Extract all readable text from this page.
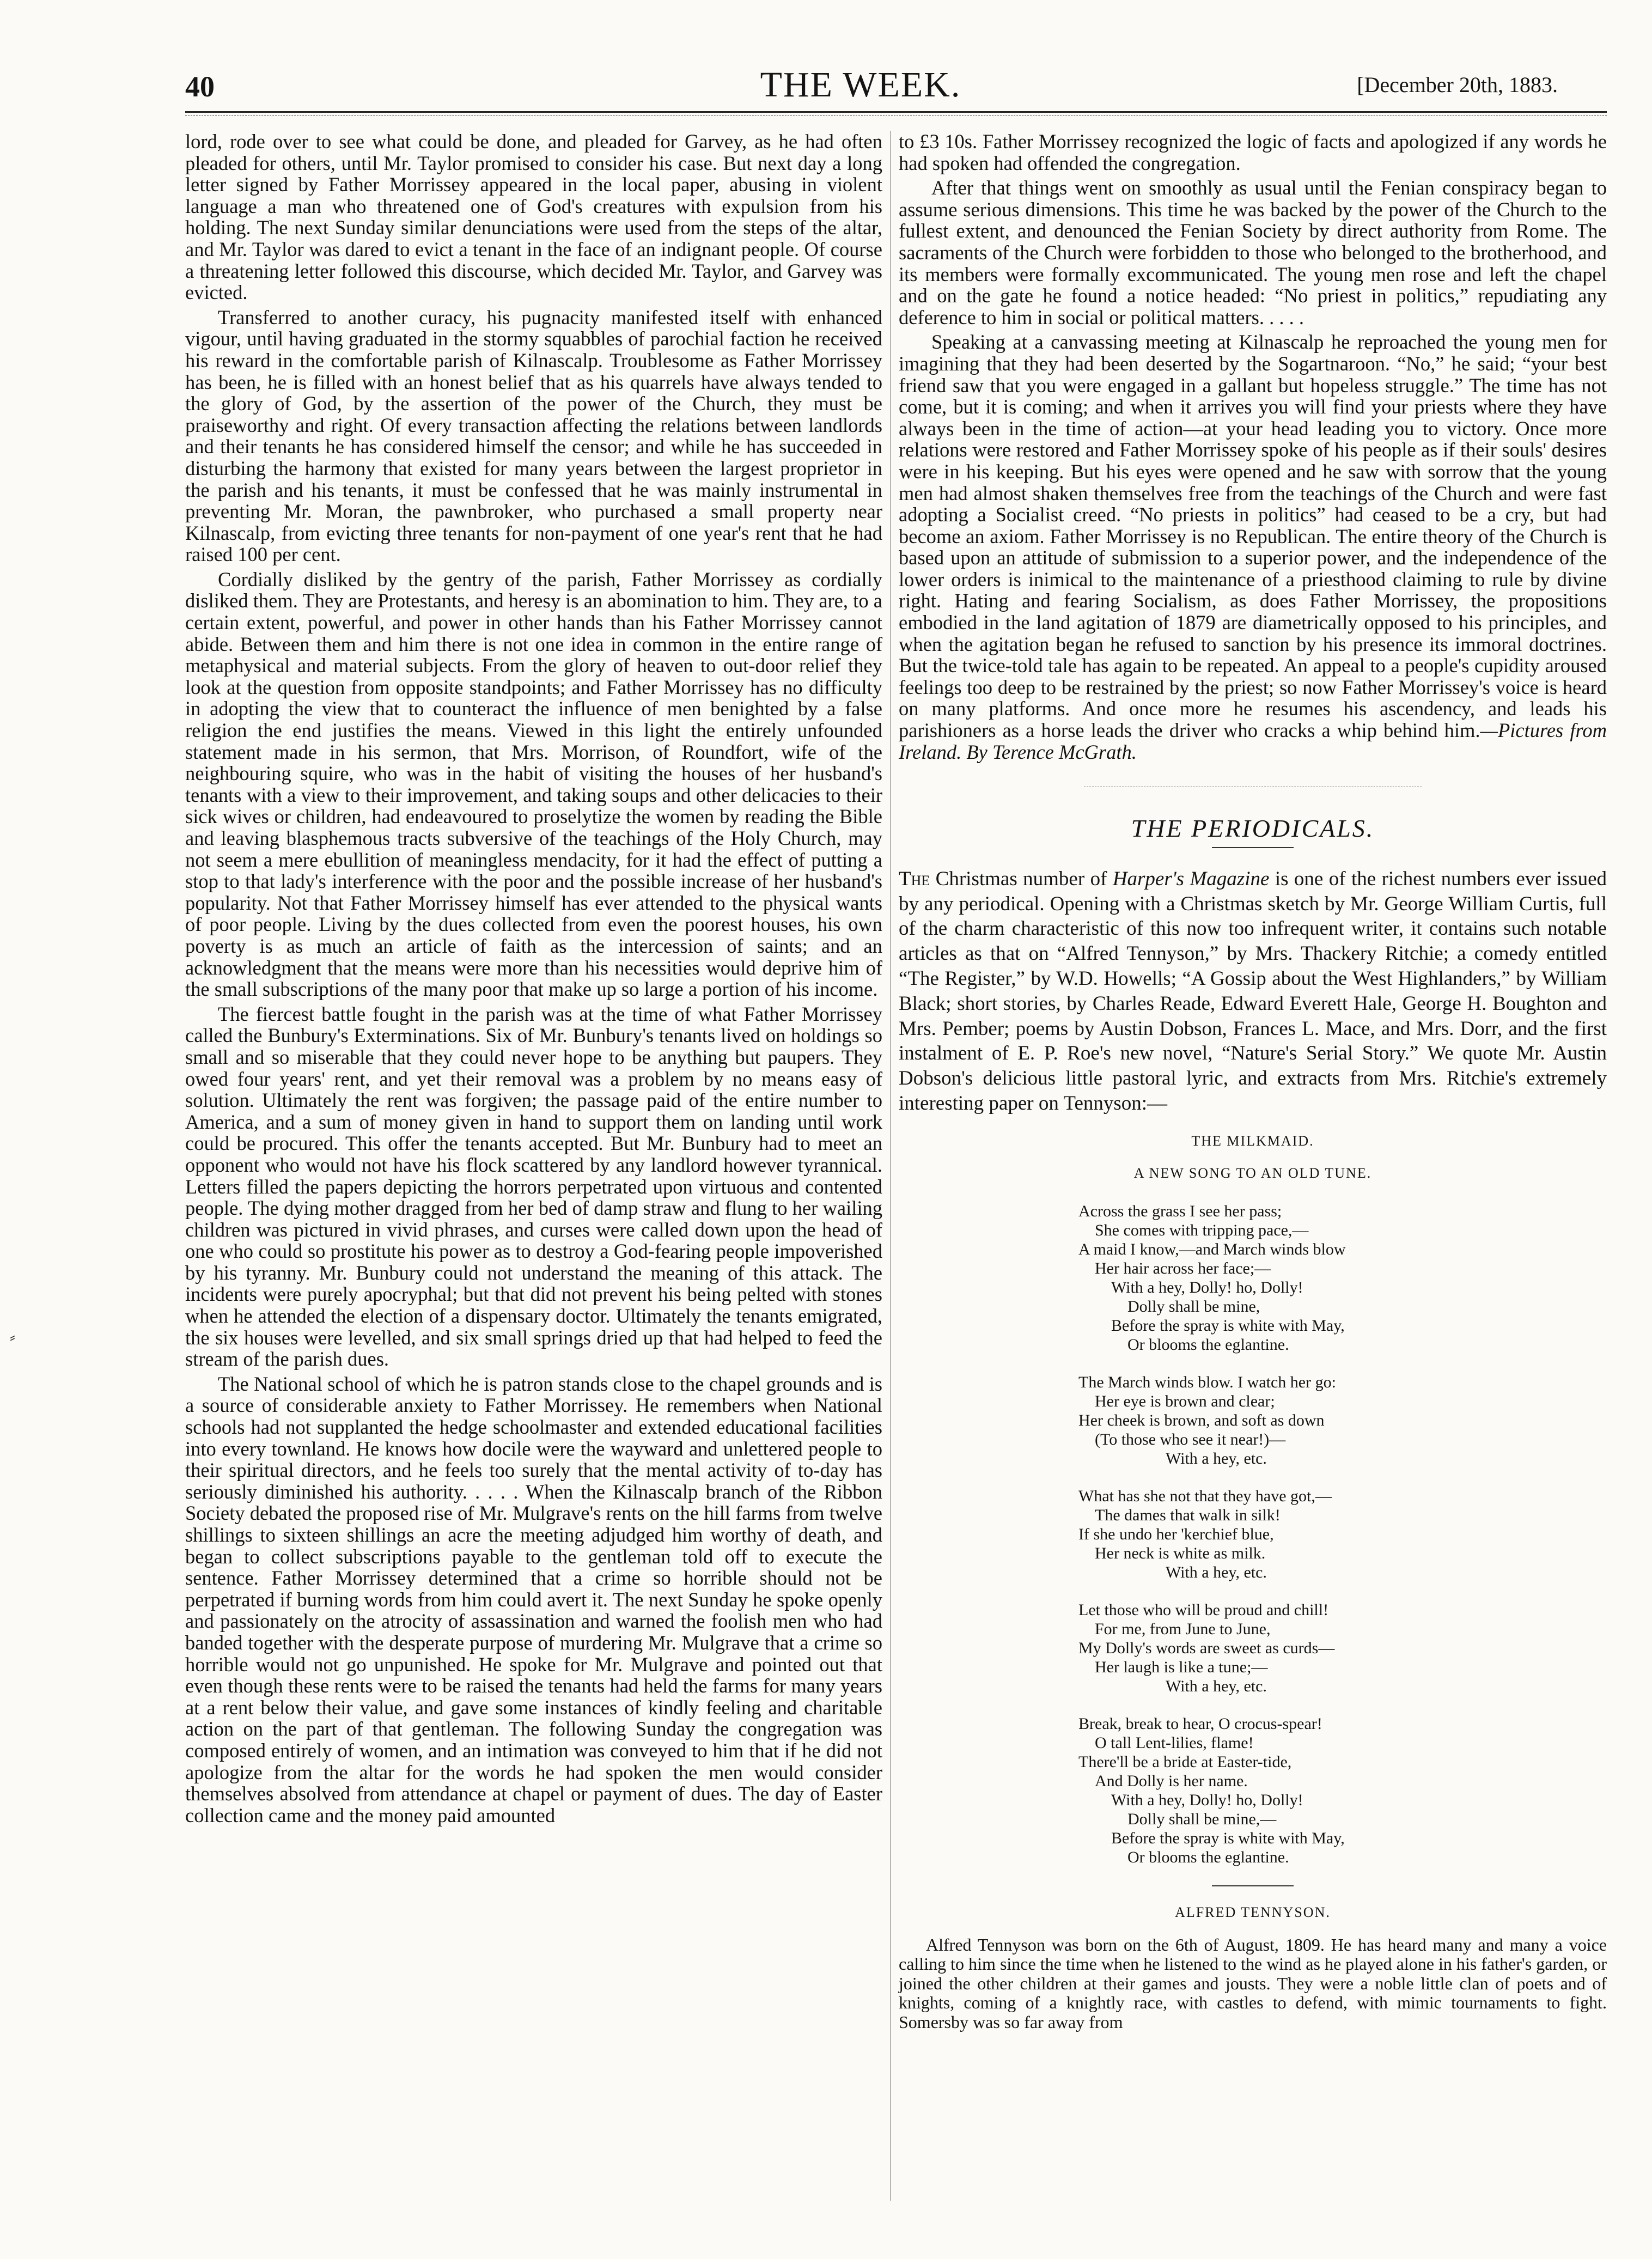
40	THE WEEK.	[December 20th, 1883.
⸗

lord, rode over to see what could be done, and pleaded for Garvey, as he had often pleaded for others, until Mr. Taylor promised to consider his case. But next day a long letter signed by Father Morrissey appeared in the local paper, abusing in violent language a man who threatened one of God's creatures with expulsion from his holding. The next Sunday similar denunciations were used from the steps of the altar, and Mr. Taylor was dared to evict a tenant in the face of an indignant people. Of course a threatening letter followed this discourse, which decided Mr. Taylor, and Garvey was evicted.

Transferred to another curacy, his pugnacity manifested itself with enhanced vigour, until having graduated in the stormy squabbles of parochial faction he received his reward in the comfortable parish of Kilnascalp. Troublesome as Father Morrissey has been, he is filled with an honest belief that as his quarrels have always tended to the glory of God, by the assertion of the power of the Church, they must be praiseworthy and right. Of every transaction affecting the relations between landlords and their tenants he has considered himself the censor; and while he has succeeded in disturbing the harmony that existed for many years between the largest proprietor in the parish and his tenants, it must be confessed that he was mainly instrumental in preventing Mr. Moran, the pawnbroker, who purchased a small property near Kilnascalp, from evicting three tenants for non-payment of one year's rent that he had raised 100 per cent.

Cordially disliked by the gentry of the parish, Father Morrissey as cordially disliked them. They are Protestants, and heresy is an abomination to him. They are, to a certain extent, powerful, and power in other hands than his Father Morrissey cannot abide. Between them and him there is not one idea in common in the entire range of metaphysical and material subjects. From the glory of heaven to out-door relief they look at the question from opposite standpoints; and Father Morrissey has no difficulty in adopting the view that to counteract the influence of men benighted by a false religion the end justifies the means. Viewed in this light the entirely unfounded statement made in his sermon, that Mrs. Morrison, of Roundfort, wife of the neighbouring squire, who was in the habit of visiting the houses of her husband's tenants with a view to their improvement, and taking soups and other delicacies to their sick wives or children, had endeavoured to proselytize the women by reading the Bible and leaving blasphemous tracts subversive of the teachings of the Holy Church, may not seem a mere ebullition of meaningless mendacity, for it had the effect of putting a stop to that lady's interference with the poor and the possible increase of her husband's popularity. Not that Father Morrissey himself has ever attended to the physical wants of poor people. Living by the dues collected from even the poorest houses, his own poverty is as much an article of faith as the intercession of saints; and an acknowledgment that the means were more than his necessities would deprive him of the small subscriptions of the many poor that make up so large a portion of his income.

The fiercest battle fought in the parish was at the time of what Father Morrissey called the Bunbury's Exterminations. Six of Mr. Bunbury's tenants lived on holdings so small and so miserable that they could never hope to be anything but paupers. They owed four years' rent, and yet their removal was a problem by no means easy of solution. Ultimately the rent was forgiven; the passage paid of the entire number to America, and a sum of money given in hand to support them on landing until work could be procured. This offer the tenants accepted. But Mr. Bunbury had to meet an opponent who would not have his flock scattered by any landlord however tyrannical. Letters filled the papers depicting the horrors perpetrated upon virtuous and contented people. The dying mother dragged from her bed of damp straw and flung to her wailing children was pictured in vivid phrases, and curses were called down upon the head of one who could so prostitute his power as to destroy a God-fearing people impoverished by his tyranny. Mr. Bunbury could not understand the meaning of this attack. The incidents were purely apocryphal; but that did not prevent his being pelted with stones when he attended the election of a dispensary doctor. Ultimately the tenants emigrated, the six houses were levelled, and six small springs dried up that had helped to feed the stream of the parish dues.

The National school of which he is patron stands close to the chapel grounds and is a source of considerable anxiety to Father Morrissey. He remembers when National schools had not supplanted the hedge schoolmaster and extended educational facilities into every townland. He knows how docile were the wayward and unlettered people to their spiritual directors, and he feels too surely that the mental activity of to-day has seriously diminished his authority. . . . . When the Kilnascalp branch of the Ribbon Society debated the proposed rise of Mr. Mulgrave's rents on the hill farms from twelve shillings to sixteen shillings an acre the meeting adjudged him worthy of death, and began to collect subscriptions payable to the gentleman told off to execute the sentence. Father Morrissey determined that a crime so horrible should not be perpetrated if burning words from him could avert it. The next Sunday he spoke openly and passionately on the atrocity of assassination and warned the foolish men who had banded together with the desperate purpose of murdering Mr. Mulgrave that a crime so horrible would not go unpunished. He spoke for Mr. Mulgrave and pointed out that even though these rents were to be raised the tenants had held the farms for many years at a rent below their value, and gave some instances of kindly feeling and charitable action on the part of that gentleman. The following Sunday the congregation was composed entirely of women, and an intimation was conveyed to him that if he did not apologize from the altar for the words he had spoken the men would consider themselves absolved from attendance at chapel or payment of dues. The day of Easter collection came and the money paid amounted

to £3 10s. Father Morrissey recognized the logic of facts and apologized if any words he had spoken had offended the congregation.

After that things went on smoothly as usual until the Fenian conspiracy began to assume serious dimensions. This time he was backed by the power of the Church to the fullest extent, and denounced the Fenian Society by direct authority from Rome. The sacraments of the Church were forbidden to those who belonged to the brotherhood, and its members were formally excommunicated. The young men rose and left the chapel and on the gate he found a notice headed: “No priest in politics,” repudiating any deference to him in social or political matters. . . . .

Speaking at a canvassing meeting at Kilnascalp he reproached the young men for imagining that they had been deserted by the Sogartnaroon. “No,” he said; “your best friend saw that you were engaged in a gallant but hopeless struggle.” The time has not come, but it is coming; and when it arrives you will find your priests where they have always been in the time of action—at your head leading you to victory. Once more relations were restored and Father Morrissey spoke of his people as if their souls' desires were in his keeping. But his eyes were opened and he saw with sorrow that the young men had almost shaken themselves free from the teachings of the Church and were fast adopting a Socialist creed. “No priests in politics” had ceased to be a cry, but had become an axiom. Father Morrissey is no Republican. The entire theory of the Church is based upon an attitude of submission to a superior power, and the independence of the lower orders is inimical to the maintenance of a priesthood claiming to rule by divine right. Hating and fearing Socialism, as does Father Morrissey, the propositions embodied in the land agitation of 1879 are diametrically opposed to his principles, and when the agitation began he refused to sanction by his presence its immoral doctrines. But the twice-told tale has again to be repeated. An appeal to a people's cupidity aroused feelings too deep to be restrained by the priest; so now Father Morrissey's voice is heard on many platforms. And once more he resumes his ascendency, and leads his parishioners as a horse leads the driver who cracks a whip behind him.—Pictures from Ireland. By Terence McGrath.

THE PERIODICALS.
The Christmas number of Harper's Magazine is one of the richest numbers ever issued by any periodical. Opening with a Christmas sketch by Mr. George William Curtis, full of the charm characteristic of this now too infrequent writer, it contains such notable articles as that on “Alfred Tennyson,” by Mrs. Thackery Ritchie; a comedy entitled “The Register,” by W.D. Howells; “A Gossip about the West Highlanders,” by William Black; short stories, by Charles Reade, Edward Everett Hale, George H. Boughton and Mrs. Pember; poems by Austin Dobson, Frances L. Mace, and Mrs. Dorr, and the first instalment of E. P. Roe's new novel, “Nature's Serial Story.” We quote Mr. Austin Dobson's delicious little pastoral lyric, and extracts from Mrs. Ritchie's extremely interesting paper on Tennyson:—
THE MILKMAID.
A NEW SONG TO AN OLD TUNE.
Across the grass I see her pass;
She comes with tripping pace,—
A maid I know,—and March winds blow
Her hair across her face;—
With a hey, Dolly! ho, Dolly!
Dolly shall be mine,
Before the spray is white with May,
Or blooms the eglantine.
The March winds blow. I watch her go:
Her eye is brown and clear;
Her cheek is brown, and soft as down
(To those who see it near!)—
With a hey, etc.
What has she not that they have got,—
The dames that walk in silk!
If she undo her 'kerchief blue,
Her neck is white as milk.
With a hey, etc.
Let those who will be proud and chill!
For me, from June to June,
My Dolly's words are sweet as curds—
Her laugh is like a tune;—
With a hey, etc.
Break, break to hear, O crocus-spear!
O tall Lent-lilies, flame!
There'll be a bride at Easter-tide,
And Dolly is her name.
With a hey, Dolly! ho, Dolly!
Dolly shall be mine,—
Before the spray is white with May,
Or blooms the eglantine.
ALFRED TENNYSON.

Alfred Tennyson was born on the 6th of August, 1809. He has heard many and many a voice calling to him since the time when he listened to the wind as he played alone in his father's garden, or joined the other children at their games and jousts. They were a noble little clan of poets and of knights, coming of a knightly race, with castles to defend, with mimic tournaments to fight. Somersby was so far away from
